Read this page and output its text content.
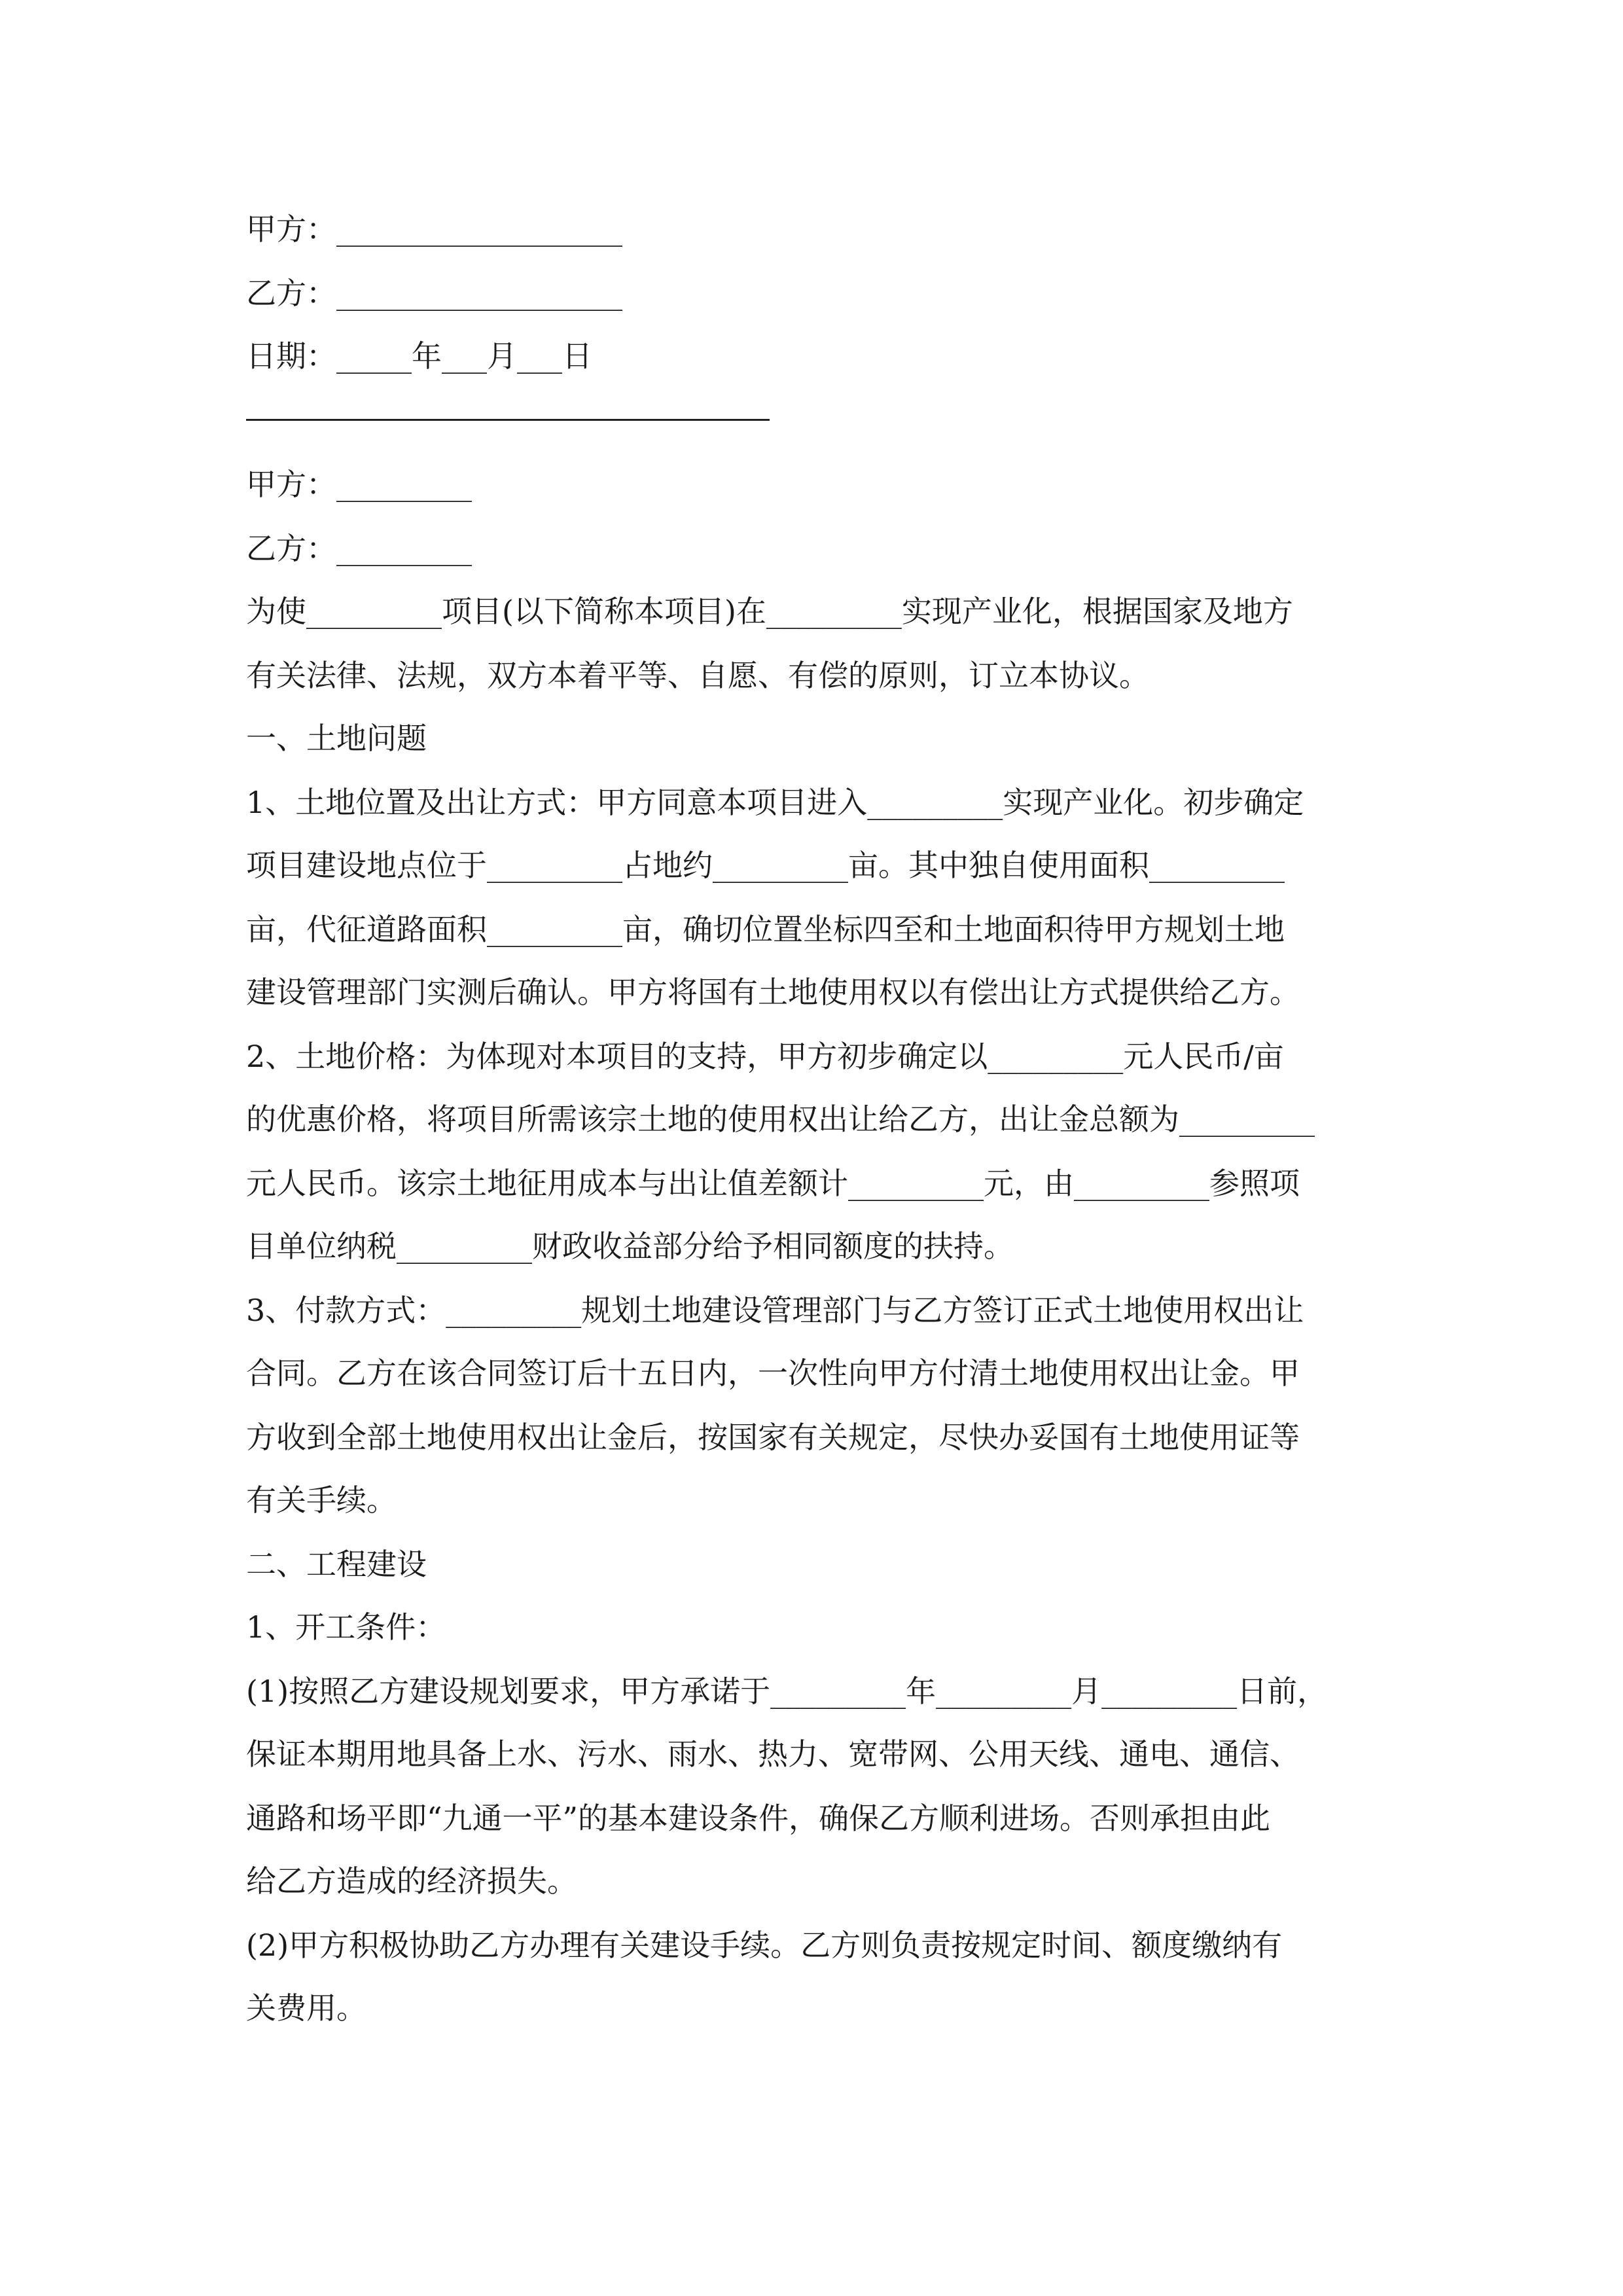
甲方：___________________
乙方：___________________
日期：_____年___月___日
甲方：_________
乙方：_________
为使_________项目(以下简称本项目)在_________实现产业化，根据国家及地方
有关法律、法规，双方本着平等、自愿、有偿的原则，订立本协议。
一、土地问题
1、土地位置及出让方式：甲方同意本项目进入_________实现产业化。初步确定
项目建设地点位于_________占地约_________亩。其中独自使用面积_________
亩，代征道路面积_________亩，确切位置坐标四至和土地面积待甲方规划土地
建设管理部门实测后确认。甲方将国有土地使用权以有偿出让方式提供给乙方。
2、土地价格：为体现对本项目的支持，甲方初步确定以_________元人民币/亩
的优惠价格，将项目所需该宗土地的使用权出让给乙方，出让金总额为_________
元人民币。该宗土地征用成本与出让值差额计_________元，由_________参照项
目单位纳税_________财政收益部分给予相同额度的扶持。
3、付款方式：_________规划土地建设管理部门与乙方签订正式土地使用权出让
合同。乙方在该合同签订后十五日内，一次性向甲方付清土地使用权出让金。甲
方收到全部土地使用权出让金后，按国家有关规定，尽快办妥国有土地使用证等
有关手续。
二、工程建设
1、开工条件：
(1)按照乙方建设规划要求，甲方承诺于_________年_________月_________日前，
保证本期用地具备上水、污水、雨水、热力、宽带网、公用天线、通电、通信、
通路和场平即“九通一平”的基本建设条件，确保乙方顺利进场。否则承担由此
给乙方造成的经济损失。
(2)甲方积极协助乙方办理有关建设手续。乙方则负责按规定时间、额度缴纳有
关费用。
